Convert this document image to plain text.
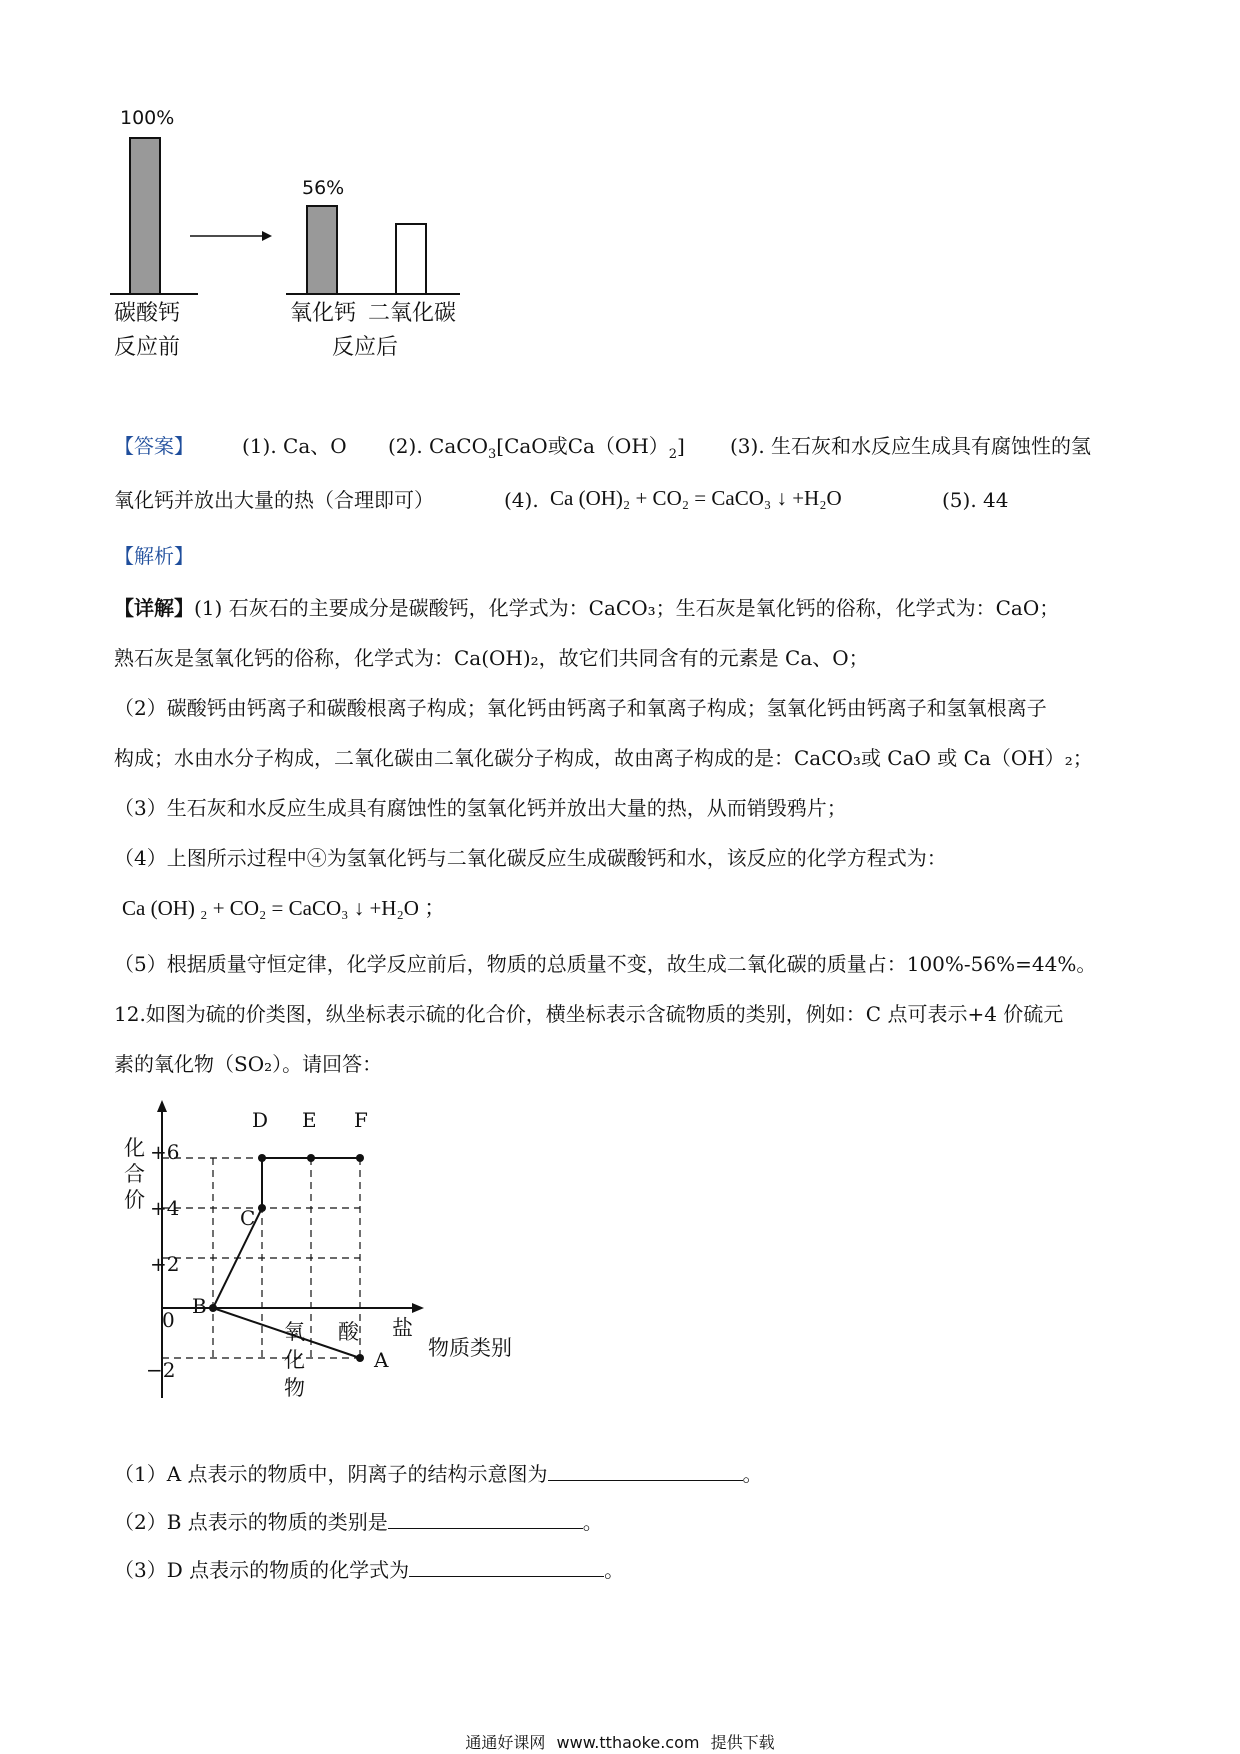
100%
56%
碳酸钙
反应前
氧化钙 二氧化碳
反应后
【答案】 (1). Ca、O (2). CaCO$_3$[CaO或$Ca(OH)_2$] (3). 生石灰和水反应生成具有腐蚀性的氢
氧化钙并放出大量的热（合理即可）	(4). Ca (OH)₂ + CO₂ = CaCO₃ ↓ +H₂O	(5). 44
【解析】
【详解】(1) 石灰石的主要成分是碳酸钙，化学式为：CaCO₃；生石灰是氧化钙的俗称，化学式为：CaO；
熟石灰是氢氧化钙的俗称，化学式为：Ca(OH)₂，故它们共同含有的元素是 Ca、O；
（2）碳酸钙由钙离子和碳酸根离子构成；氧化钙由钙离子和氧离子构成；氢氧化钙由钙离子和氢氧根离子
构成；水由水分子构成，二氧化碳由二氧化碳分子构成，故由离子构成的是：CaCO₃或 CaO 或 Ca（OH）₂；
（3）生石灰和水反应生成具有腐蚀性的氢氧化钙并放出大量的热，从而销毁鸦片；
（4）上图所示过程中④为氢氧化钙与二氧化碳反应生成碳酸钙和水，该反应的化学方程式为：
Ca (OH) ₂ + CO₂ = CaCO₃ ↓ +H₂O ；
（5）根据质量守恒定律，化学反应前后，物质的总质量不变，故生成二氧化碳的质量占：100%-56%=44%。
12.如图为硫的价类图，纵坐标表示硫的化合价，横坐标表示含硫物质的类别，例如：C 点可表示+4 价硫元
素的氧化物（SO₂）。请回答：
化
合
价
+6
+4
+2
0
−2
氧
化
物
酸 盐
物质类别
A
B
C
D E F
（1）A 点表示的物质中，阴离子的结构示意图为	。
（2）B 点表示的物质的类别是	。
（3）D 点表示的物质的化学式为	。
通通好课网 www.tthaoke.com 提供下载
